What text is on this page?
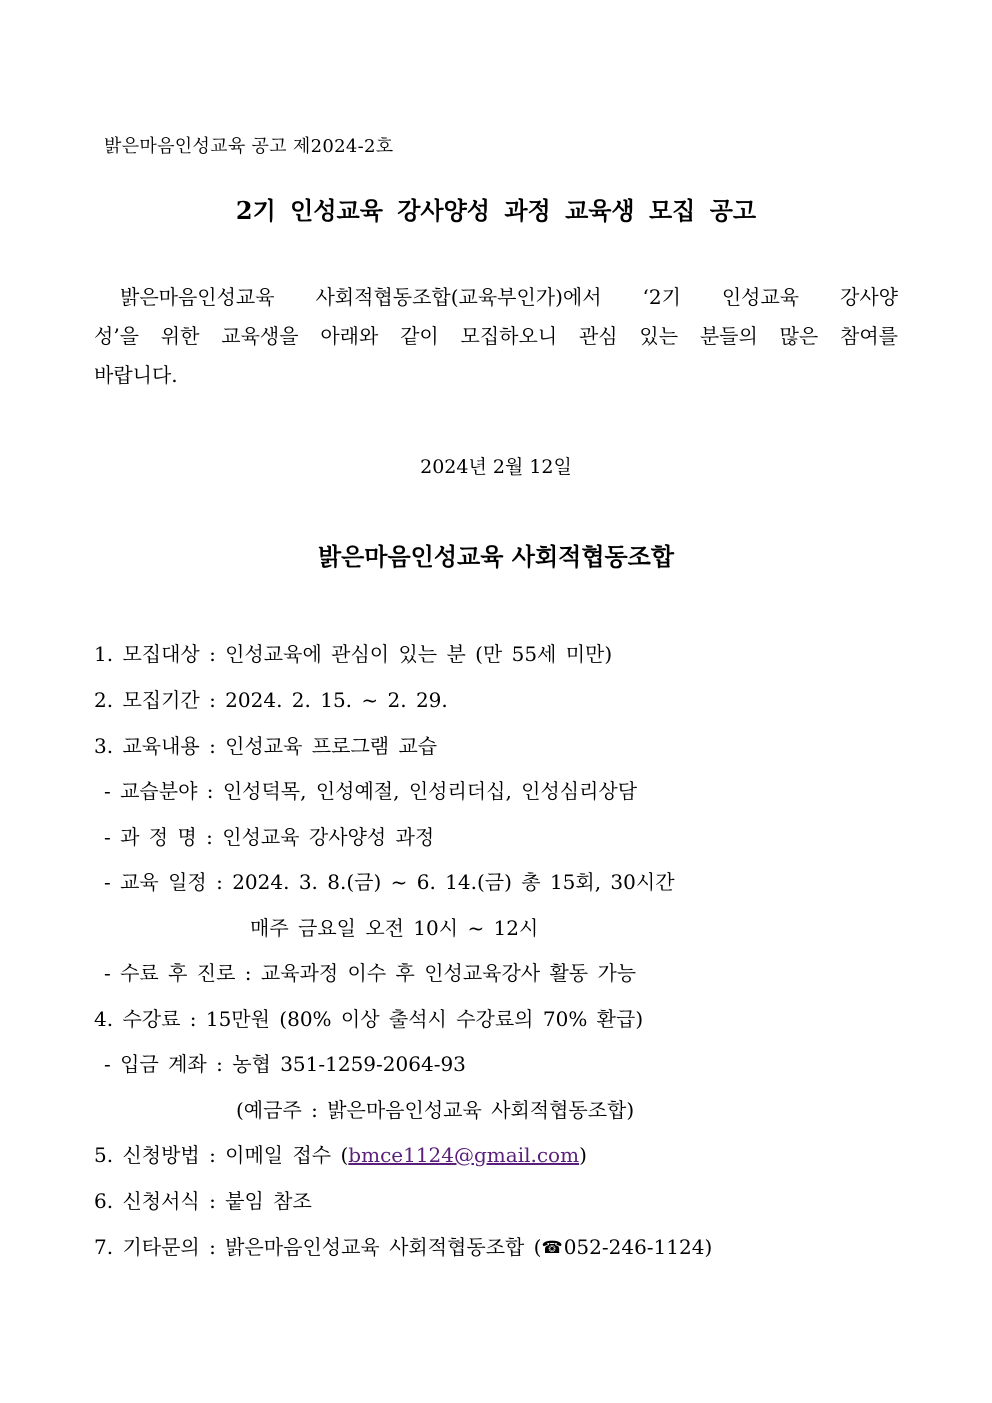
밝은마음인성교육 공고 제2024-2호
2기 인성교육 강사양성 과정 교육생 모집 공고
밝은마음인성교육 사회적협동조합(교육부인가)에서 ‘2기 인성교육 강사양
성’을 위한 교육생을 아래와 같이 모집하오니 관심 있는 분들의 많은 참여를
바랍니다.
2024년 2월 12일
밝은마음인성교육 사회적협동조합
1. 모집대상 : 인성교육에 관심이 있는 분 (만 55세 미만)
2. 모집기간 : 2024. 2. 15. ~ 2. 29.
3. 교육내용 : 인성교육 프로그램 교습
- 교습분야 : 인성덕목, 인성예절, 인성리더십, 인성심리상담
- 과 정 명 : 인성교육 강사양성 과정
- 교육 일정 : 2024. 3. 8.(금) ~ 6. 14.(금) 총 15회, 30시간
매주 금요일 오전 10시 ~ 12시
- 수료 후 진로 : 교육과정 이수 후 인성교육강사 활동 가능
4. 수강료 : 15만원 (80% 이상 출석시 수강료의 70% 환급)
- 입금 계좌 : 농협 351-1259-2064-93
(예금주 : 밝은마음인성교육 사회적협동조합)
5. 신청방법 : 이메일 접수 (bmce1124@gmail.com)
6. 신청서식 : 붙임 참조
7. 기타문의 : 밝은마음인성교육 사회적협동조합 (☎052-246-1124)
